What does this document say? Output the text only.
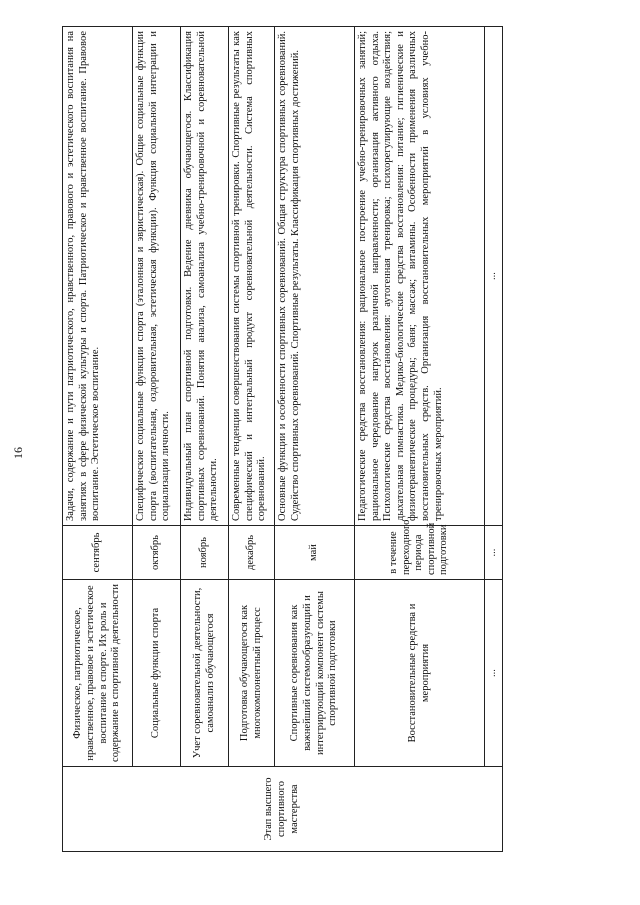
16
Этап высшего спортивного мастерства	Физическое, патриотическое, нравственное, правовое и эстетическое воспитание в спорте. Их роль и содержание в спортивной деятельности	сентябрь	Задачи, содержание и пути патриотического, нравственного, правового и эстетического воспитания на занятиях в сфере физической культуры и спорта. Патриотическое и нравственное воспитание. Правовое воспитание. Эстетическое воспитание.
	Социальные функции спорта	октябрь	Специфические социальные функции спорта (эталонная и эвристическая). Общие социальные функции спорта (воспитательная, оздоровительная, эстетическая функции). Функция социальной интеграции и социализации личности.
	Учет соревновательной деятельности, самоанализ обучающегося	ноябрь	Индивидуальный план спортивной подготовки. Ведение дневника обучающегося. Классификация спортивных соревнований. Понятия анализа, самоанализа учебно-тренировочной и соревновательной деятельности.
	Подготовка обучающегося как многокомпонентный процесс	декабрь	Современные тенденции совершенствования системы спортивной тренировки. Спортивные результаты как специфический и интегральный продукт соревновательной деятельности. Система спортивных соревнований.
	Спортивные соревнования как важнейший системообразующий и интегрирующий компонент системы спортивной подготовки	май	Основные функции и особенности спортивных соревнований. Общая структура спортивных соревнований. Судейство спортивных соревнований. Спортивные результаты. Классификация спортивных достижений.
	Восстановительные средства и мероприятия	в течение переходного периода спортивной подготовки	Педагогические средства восстановления: рациональное построение учебно-тренировочных занятий; рациональное чередование нагрузок различной направленности; организация активного отдыха. Психологические средства восстановления: аутогенная тренировка; психорегулирующие воздействия; дыхательная гимнастика. Медико-биологические средства восстановления: питание; гигиенические и физиотерапевтические процедуры; баня; массаж; витамины. Особенности применения различных восстановительных средств. Организация восстановительных мероприятий в условиях учебно-тренировочных мероприятий.

	...	...	...
